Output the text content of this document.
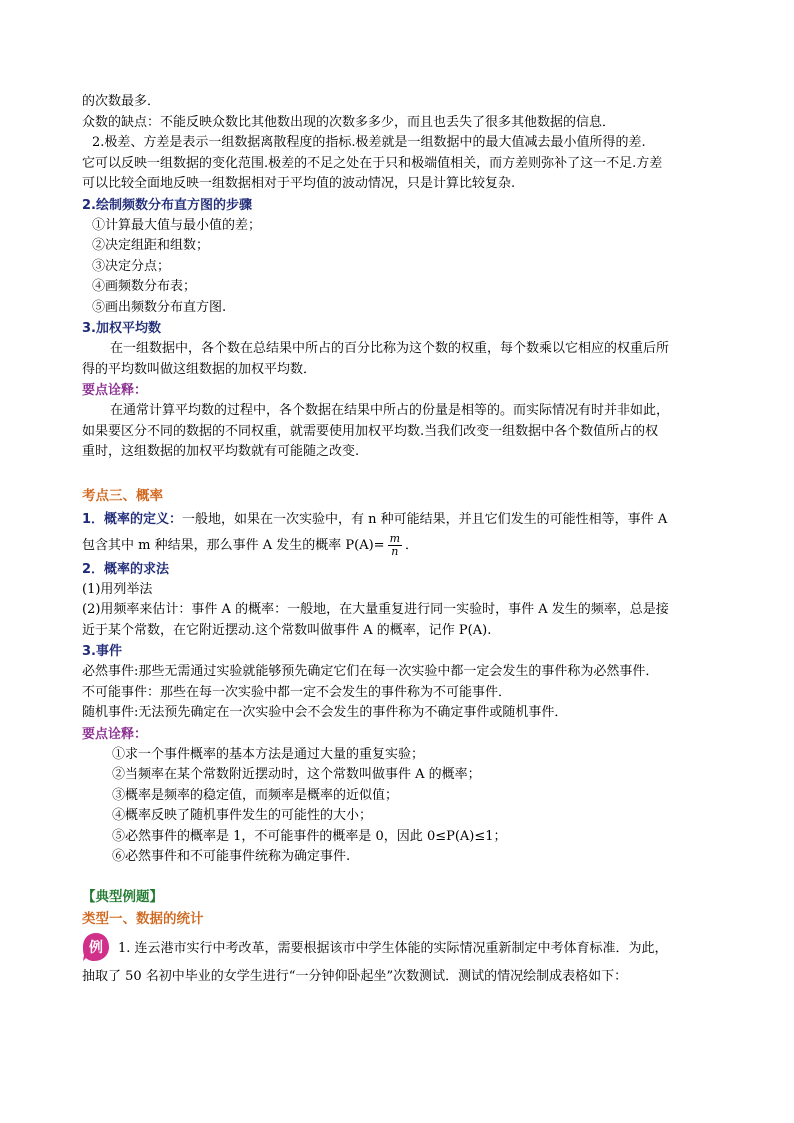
的次数最多．
众数的缺点：不能反映众数比其他数出现的次数多多少，而且也丢失了很多其他数据的信息．
2.极差、方差是表示一组数据离散程度的指标.极差就是一组数据中的最大值减去最小值所得的差.
它可以反映一组数据的变化范围.极差的不足之处在于只和极端值相关，而方差则弥补了这一不足.方差
可以比较全面地反映一组数据相对于平均值的波动情况，只是计算比较复杂.
2.绘制频数分布直方图的步骤
①计算最大值与最小值的差；
②决定组距和组数；
③决定分点；
④画频数分布表；
⑤画出频数分布直方图.
3.加权平均数
在一组数据中，各个数在总结果中所占的百分比称为这个数的权重，每个数乘以它相应的权重后所
得的平均数叫做这组数据的加权平均数．
要点诠释：
在通常计算平均数的过程中，各个数据在结果中所占的份量是相等的。而实际情况有时并非如此，
如果要区分不同的数据的不同权重，就需要使用加权平均数.当我们改变一组数据中各个数值所占的权
重时，这组数据的加权平均数就有可能随之改变.
考点三、概率
1．概率的定义：一般地，如果在一次实验中，有 n 种可能结果，并且它们发生的可能性相等，事件 A
包含其中 m 种结果，那么事件 A 发生的概率 $P(A)= \frac{m}{n}$ ．
2．概率的求法
(1)用列举法
(2)用频率来估计：事件 A 的概率：一般地，在大量重复进行同一实验时，事件 A 发生的频率，总是接
近于某个常数，在它附近摆动.这个常数叫做事件 A 的概率，记作 P(A).
3.事件
必然事件:那些无需通过实验就能够预先确定它们在每一次实验中都一定会发生的事件称为必然事件．
不可能事件：那些在每一次实验中都一定不会发生的事件称为不可能事件．
随机事件:无法预先确定在一次实验中会不会发生的事件称为不确定事件或随机事件．
要点诠释：
①求一个事件概率的基本方法是通过大量的重复实验；
②当频率在某个常数附近摆动时，这个常数叫做事件 A 的概率；
③概率是频率的稳定值，而频率是概率的近似值；
④概率反映了随机事件发生的可能性的大小；
⑤必然事件的概率是 1，不可能事件的概率是 0，因此 0≤P(A)≤1；
⑥必然事件和不可能事件统称为确定事件.
【典型例题】
类型一、数据的统计
例 1. 连云港市实行中考改革，需要根据该市中学生体能的实际情况重新制定中考体育标准．为此，
抽取了 50 名初中毕业的女学生进行“一分钟仰卧起坐”次数测试．测试的情况绘制成表格如下：
